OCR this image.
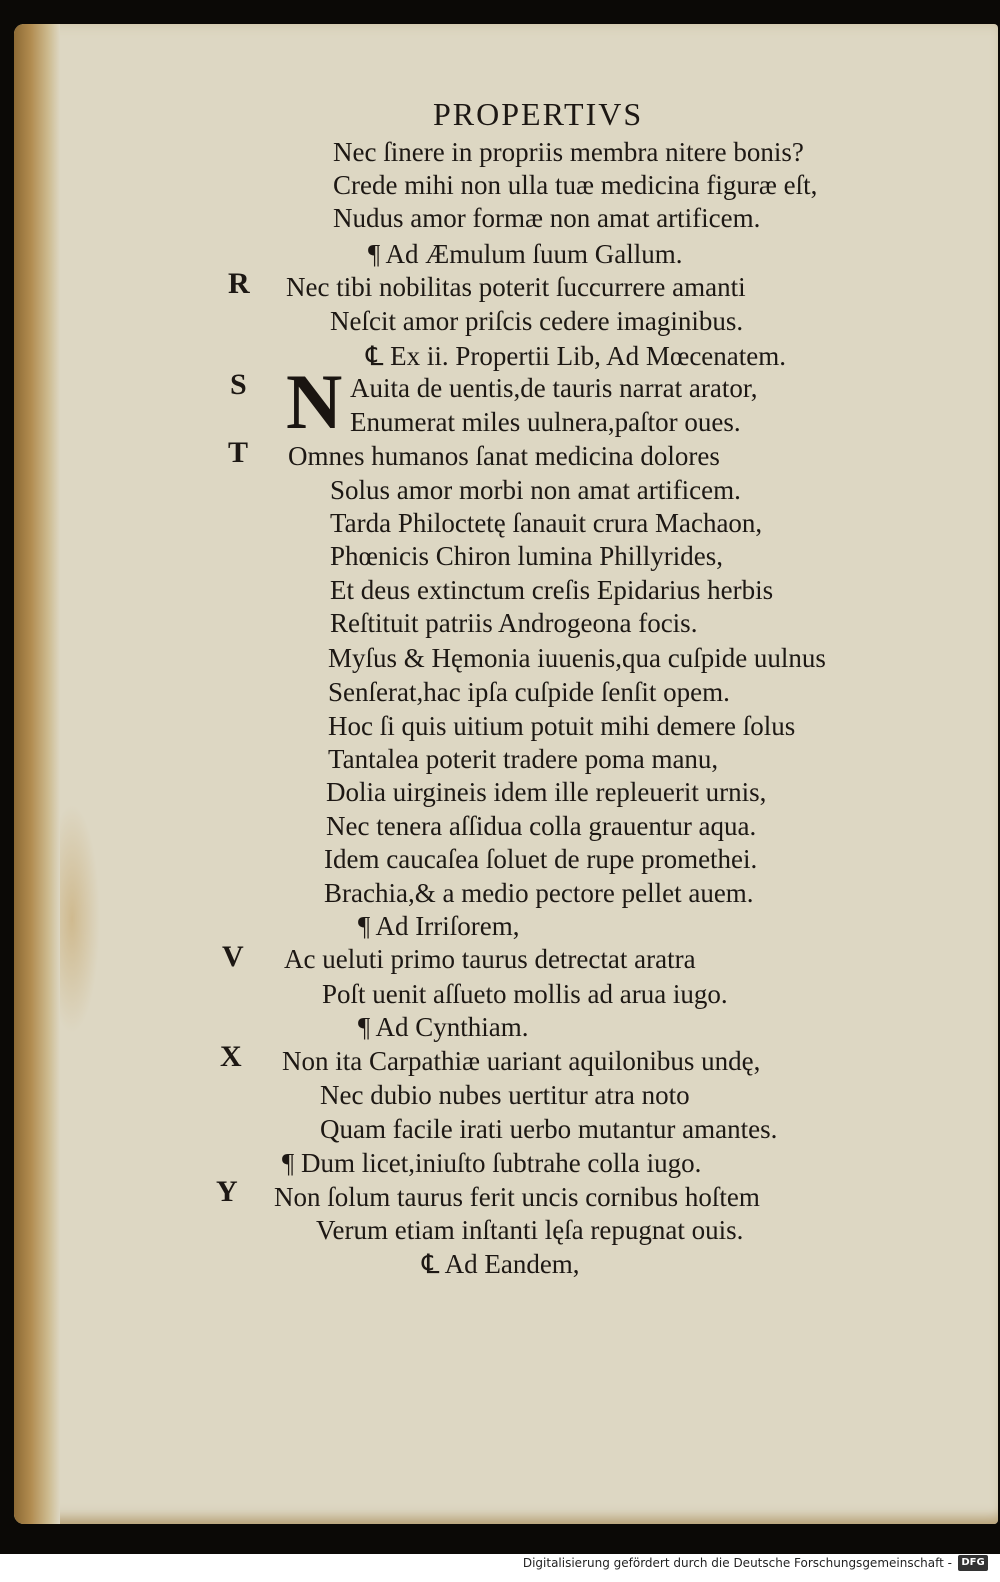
PROPERTIVS
Nec ſinere in propriis membra nitere bonis?
Crede mihi non ulla tuæ medicina figuræ eſt,
Nudus amor formæ non amat artificem.
¶ Ad Æmulum ſuum Gallum.
Nec tibi nobilitas poterit ſuccurrere amanti
Neſcit amor priſcis cedere imaginibus.
℄ Ex ii. Propertii Lib, Ad Mœcenatem.
Auita de uentis,de tauris narrat arator,
Enumerat miles uulnera,paſtor oues.
Omnes humanos ſanat medicina dolores
Solus amor morbi non amat artificem.
Tarda Philoctetę ſanauit crura Machaon,
Phœnicis Chiron lumina Phillyrides,
Et deus extinctum creſis Epidarius herbis
Reſtituit patriis Androgeona focis.
Myſus & Hęmonia iuuenis,qua cuſpide uulnus
Senſerat,hac ipſa cuſpide ſenſit opem.
Hoc ſi quis uitium potuit mihi demere ſolus
Tantalea poterit tradere poma manu,
Dolia uirgineis idem ille repleuerit urnis,
Nec tenera aſſidua colla grauentur aqua.
Idem caucaſea ſoluet de rupe promethei.
Brachia,& a medio pectore pellet auem.
¶ Ad Irriſorem,
Ac ueluti primo taurus detrectat aratra
Poſt uenit aſſueto mollis ad arua iugo.
¶ Ad Cynthiam.
Non ita Carpathiæ uariant aquilonibus undę,
Nec dubio nubes uertitur atra noto
Quam facile irati uerbo mutantur amantes.
¶ Dum licet,iniuſto ſubtrahe colla iugo.
Non ſolum taurus ferit uncis cornibus hoſtem
Verum etiam inſtanti lęſa repugnat ouis.
℄ Ad Eandem,
N
R
S
T
V
X
Y
Digitalisierung gefördert durch die Deutsche Forschungsgemeinschaft - DFG
